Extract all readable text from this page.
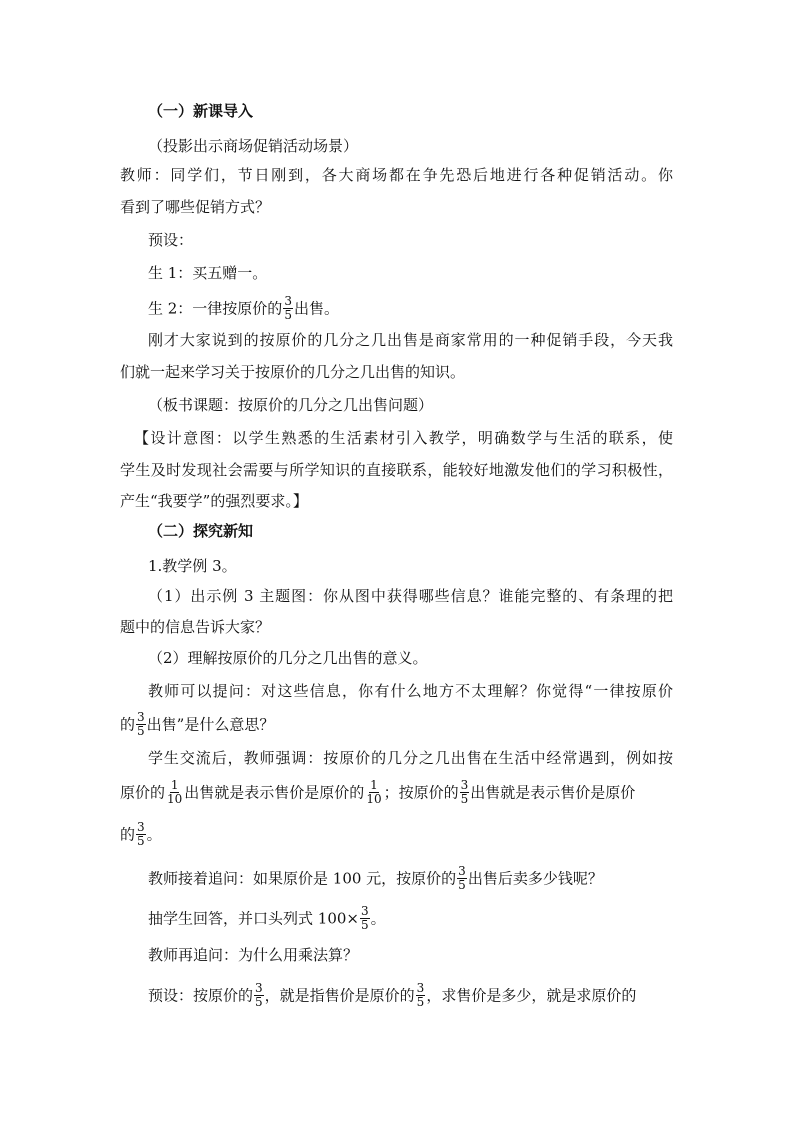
（一）新课导入
（投影出示商场促销活动场景）
教师：同学们，节日刚到，各大商场都在争先恐后地进行各种促销活动。你
看到了哪些促销方式？
预设：
生 1：买五赠一。
生 2：一律按原价的 $\frac{3}{5}$ 出售。
刚才大家说到的按原价的几分之几出售是商家常用的一种促销手段，今天我
们就一起来学习关于按原价的几分之几出售的知识。
（板书课题：按原价的几分之几出售问题）
【设计意图：以学生熟悉的生活素材引入教学，明确数学与生活的联系，使
学生及时发现社会需要与所学知识的直接联系，能较好地激发他们的学习积极性，
产生“我要学”的强烈要求。】
（二）探究新知
1.教学例 3。
（1）出示例 3 主题图：你从图中获得哪些信息？谁能完整的、有条理的把
题中的信息告诉大家？
（2）理解按原价的几分之几出售的意义。
教师可以提问：对这些信息，你有什么地方不太理解？你觉得“一律按原价
的 $\frac{3}{5}$ 出售”是什么意思？
学生交流后，教师强调：按原价的几分之几出售在生活中经常遇到，例如按
原价的 $\frac{1}{10}$ 出售就是表示售价是原价的 $\frac{1}{10}$ ；按原价的 $\frac{3}{5}$ 出售就是表示售价是原价
的 $\frac{3}{5}$ 。
教师接着追问：如果原价是 100 元，按原价的 $\frac{3}{5}$ 出售后卖多少钱呢？
抽学生回答，并口头列式 $100\times \frac{3}{5}$ 。
教师再追问：为什么用乘法算？
预设：按原价的 $\frac{3}{5}$ ，就是指售价是原价的 $\frac{3}{5}$ ，求售价是多少，就是求原价的
